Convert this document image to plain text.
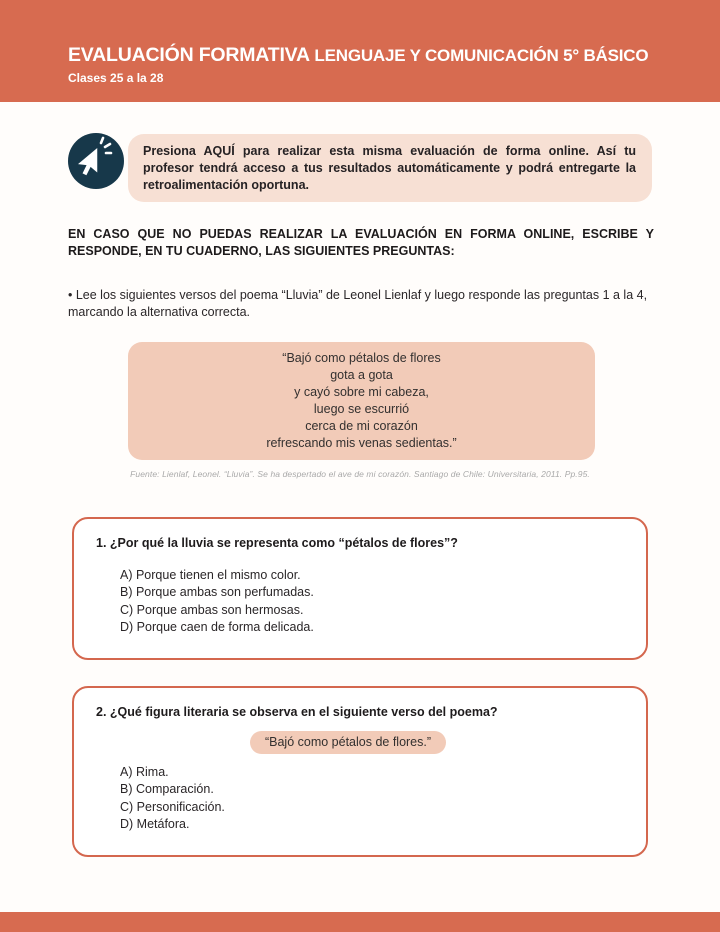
EVALUACIÓN FORMATIVA LENGUAJE Y COMUNICACIÓN 5° BÁSICO
Clases 25 a la 28
Presiona AQUÍ para realizar esta misma evaluación de forma online. Así tu profesor tendrá acceso a tus resultados automáticamente y podrá entregarte la retroalimentación oportuna.
EN CASO QUE NO PUEDAS REALIZAR LA EVALUACIÓN EN FORMA ONLINE, ESCRIBE Y RESPONDE, EN TU CUADERNO, LAS SIGUIENTES PREGUNTAS:
• Lee los siguientes versos del poema “Lluvia” de Leonel Lienlaf y luego responde las preguntas 1 a la 4, marcando la alternativa correcta.
“Bajó como pétalos de flores
gota a gota
y cayó sobre mi cabeza,
luego se escurrió
cerca de mi corazón
refrescando mis venas sedientas.”
Fuente: Lienlaf, Leonel. “Lluvia”. Se ha despertado el ave de mi corazón. Santiago de Chile: Universitaria, 2011. Pp.95.
1. ¿Por qué la lluvia se representa como “pétalos de flores”?
A) Porque tienen el mismo color.
B) Porque ambas son perfumadas.
C) Porque ambas son hermosas.
D) Porque caen de forma delicada.
2. ¿Qué figura literaria se observa en el siguiente verso del poema?
“Bajó como pétalos de flores.”
A) Rima.
B) Comparación.
C) Personificación.
D) Metáfora.
